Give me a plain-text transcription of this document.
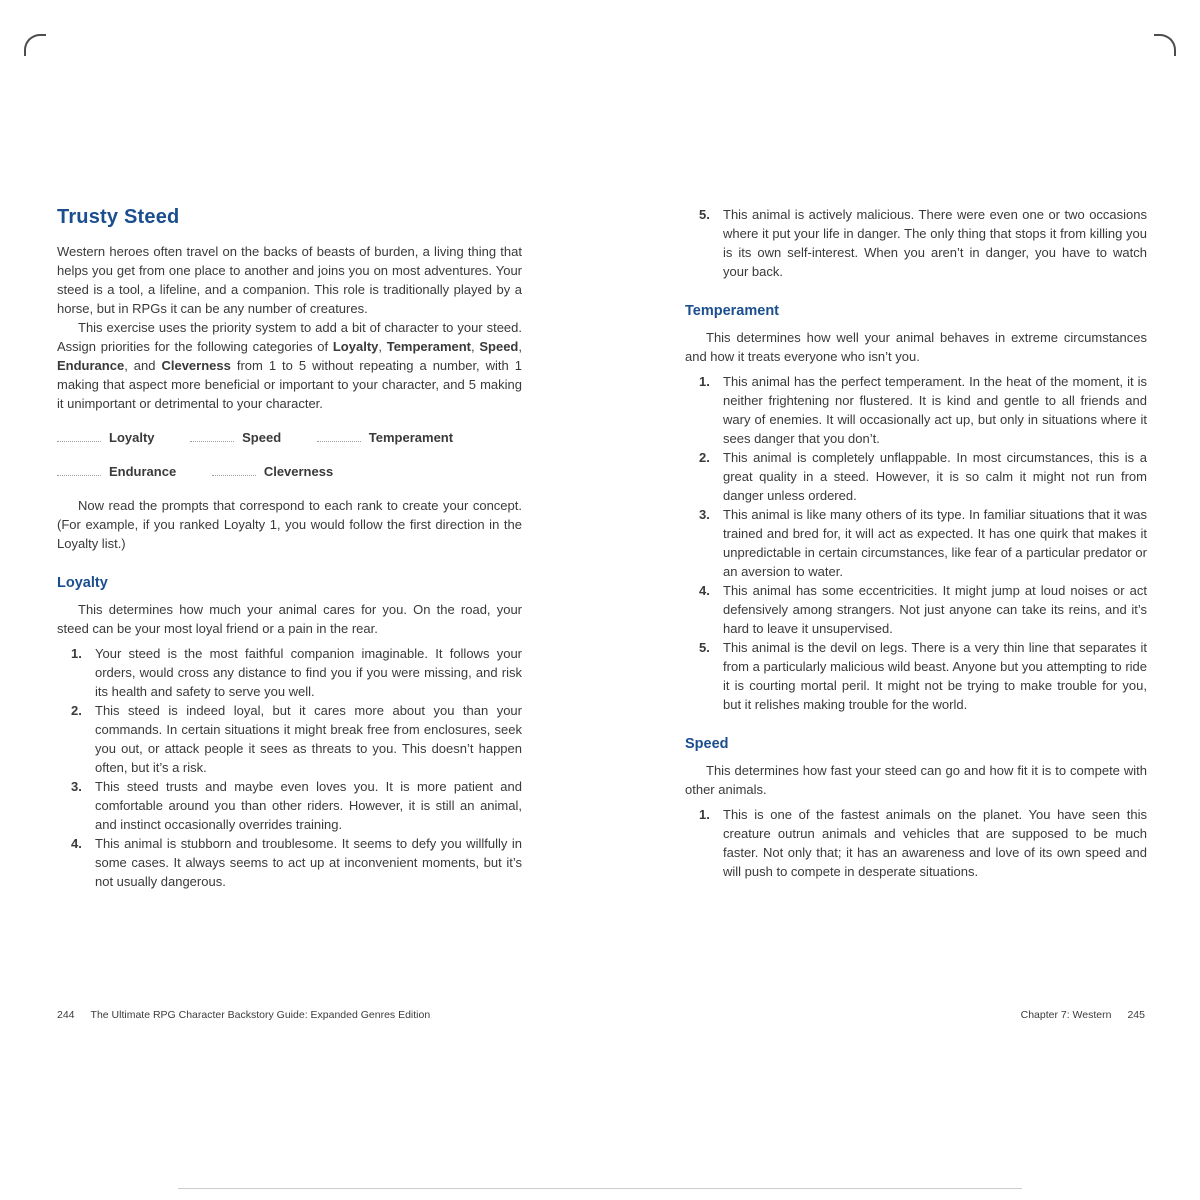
Trusty Steed

Western heroes often travel on the backs of beasts of burden, a living thing that helps you get from one place to another and joins you on most adventures. Your steed is a tool, a lifeline, and a companion. This role is traditionally played by a horse, but in RPGs it can be any number of creatures.

This exercise uses the priority system to add a bit of character to your steed. Assign priorities for the following categories of Loyalty, Temperament, Speed, Endurance, and Cleverness from 1 to 5 without repeating a number, with 1 making that aspect more beneficial or important to your character, and 5 making it unimportant or detrimental to your character.

Loyalty	Speed	Temperament
Endurance	Cleverness

Now read the prompts that correspond to each rank to create your concept. (For example, if you ranked Loyalty 1, you would follow the first direction in the Loyalty list.)

Loyalty

This determines how much your animal cares for you. On the road, your steed can be your most loyal friend or a pain in the rear.

1.	Your steed is the most faithful companion imaginable. It follows your orders, would cross any distance to find you if you were missing, and risk its health and safety to serve you well.
2.	This steed is indeed loyal, but it cares more about you than your commands. In certain situations it might break free from enclosures, seek you out, or attack people it sees as threats to you. This doesn’t happen often, but it’s a risk.
3.	This steed trusts and maybe even loves you. It is more patient and comfortable around you than other riders. However, it is still an animal, and instinct occasionally overrides training.
4.	This animal is stubborn and troublesome. It seems to defy you willfully in some cases. It always seems to act up at inconvenient moments, but it’s not usually dangerous.
5.	This animal is actively malicious. There were even one or two occasions where it put your life in danger. The only thing that stops it from killing you is its own self-interest. When you aren’t in danger, you have to watch your back.
Temperament

This determines how well your animal behaves in extreme circumstances and how it treats everyone who isn’t you.

1.	This animal has the perfect temperament. In the heat of the moment, it is neither frightening nor flustered. It is kind and gentle to all friends and wary of enemies. It will occasionally act up, but only in situations where it sees danger that you don’t.
2.	This animal is completely unflappable. In most circumstances, this is a great quality in a steed. However, it is so calm it might not run from danger unless ordered.
3.	This animal is like many others of its type. In familiar situations that it was trained and bred for, it will act as expected. It has one quirk that makes it unpredictable in certain circumstances, like fear of a particular predator or an aversion to water.
4.	This animal has some eccentricities. It might jump at loud noises or act defensively among strangers. Not just anyone can take its reins, and it’s hard to leave it unsupervised.
5.	This animal is the devil on legs. There is a very thin line that separates it from a particularly malicious wild beast. Anyone but you attempting to ride it is courting mortal peril. It might not be trying to make trouble for you, but it relishes making trouble for the world.
Speed

This determines how fast your steed can go and how fit it is to compete with other animals.

1.	This is one of the fastest animals on the planet. You have seen this creature outrun animals and vehicles that are supposed to be much faster. Not only that; it has an awareness and love of its own speed and will push to compete in desperate situations.
244 The Ultimate RPG Character Backstory Guide: Expanded Genres Edition	Chapter 7: Western 245
